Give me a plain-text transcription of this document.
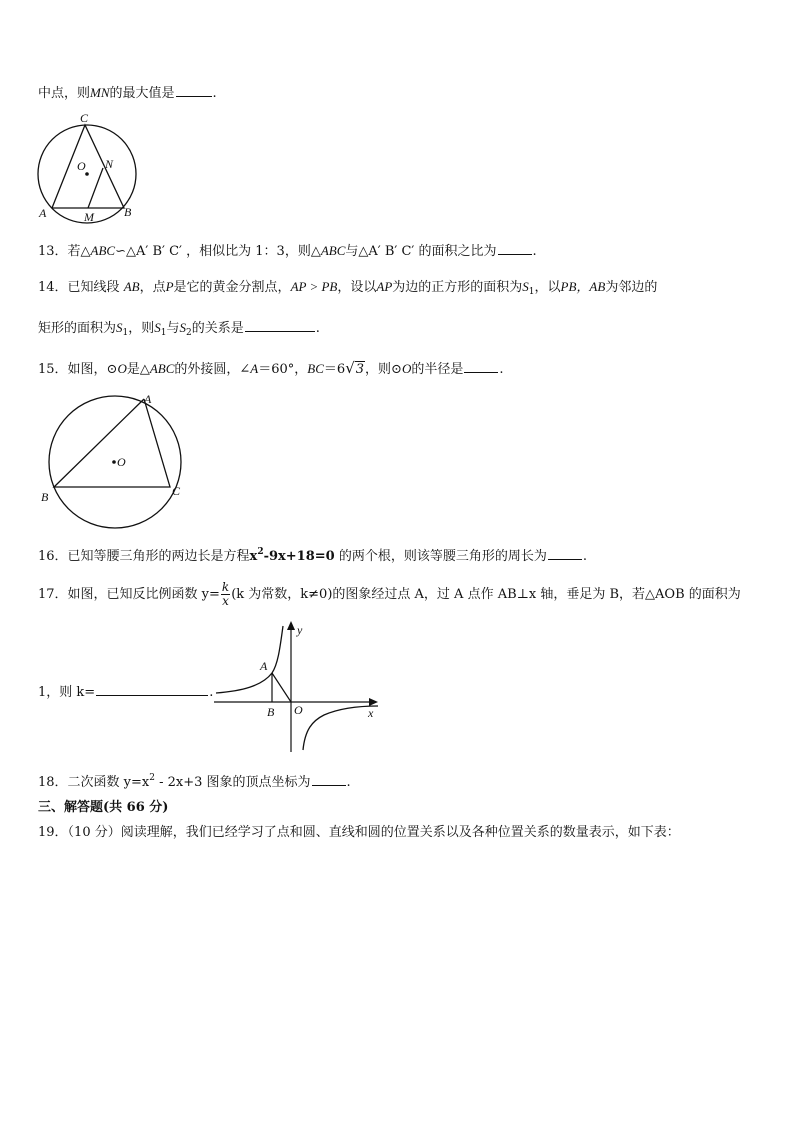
中点，则MN的最大值是	.
C
O N
A	M	B
13．若△ABC∽△A′ B′ C′ ，相似比为 1：3，则△ABC与△A′ B′ C′ 的面积之比为	.
14．已知线段 AB，点P是它的黄金分割点，AP > PB，设以AP为边的正方形的面积为$S_1$，以PB，AB为邻边的
矩形的面积为$S_1$，则$S_1$与$S_2$的关系是	.
15．如图，⊙O是△ABC的外接圆，∠A＝60°，BC＝6√3，则⊙O的半径是	.
A
O
B	C
16．已知等腰三角形的两边长是方程$x^2-9x+18=0$ 的两个根，则该等腰三角形的周长为	.
17．如图，已知反比例函数 $y= \frac{k}{x} (k$ 为常数，k≠0)的图象经过点 A，过 A 点作 AB⊥x 轴，垂足为 B，若△AOB 的面积为
1，则 k=	.
y
A
B O	x
18．二次函数 $y=x^2 - 2x+3$ 图象的顶点坐标为	.
三、解答题(共 66 分)
19．（10 分）阅读理解，我们已经学习了点和圆、直线和圆的位置关系以及各种位置关系的数量表示，如下表：
